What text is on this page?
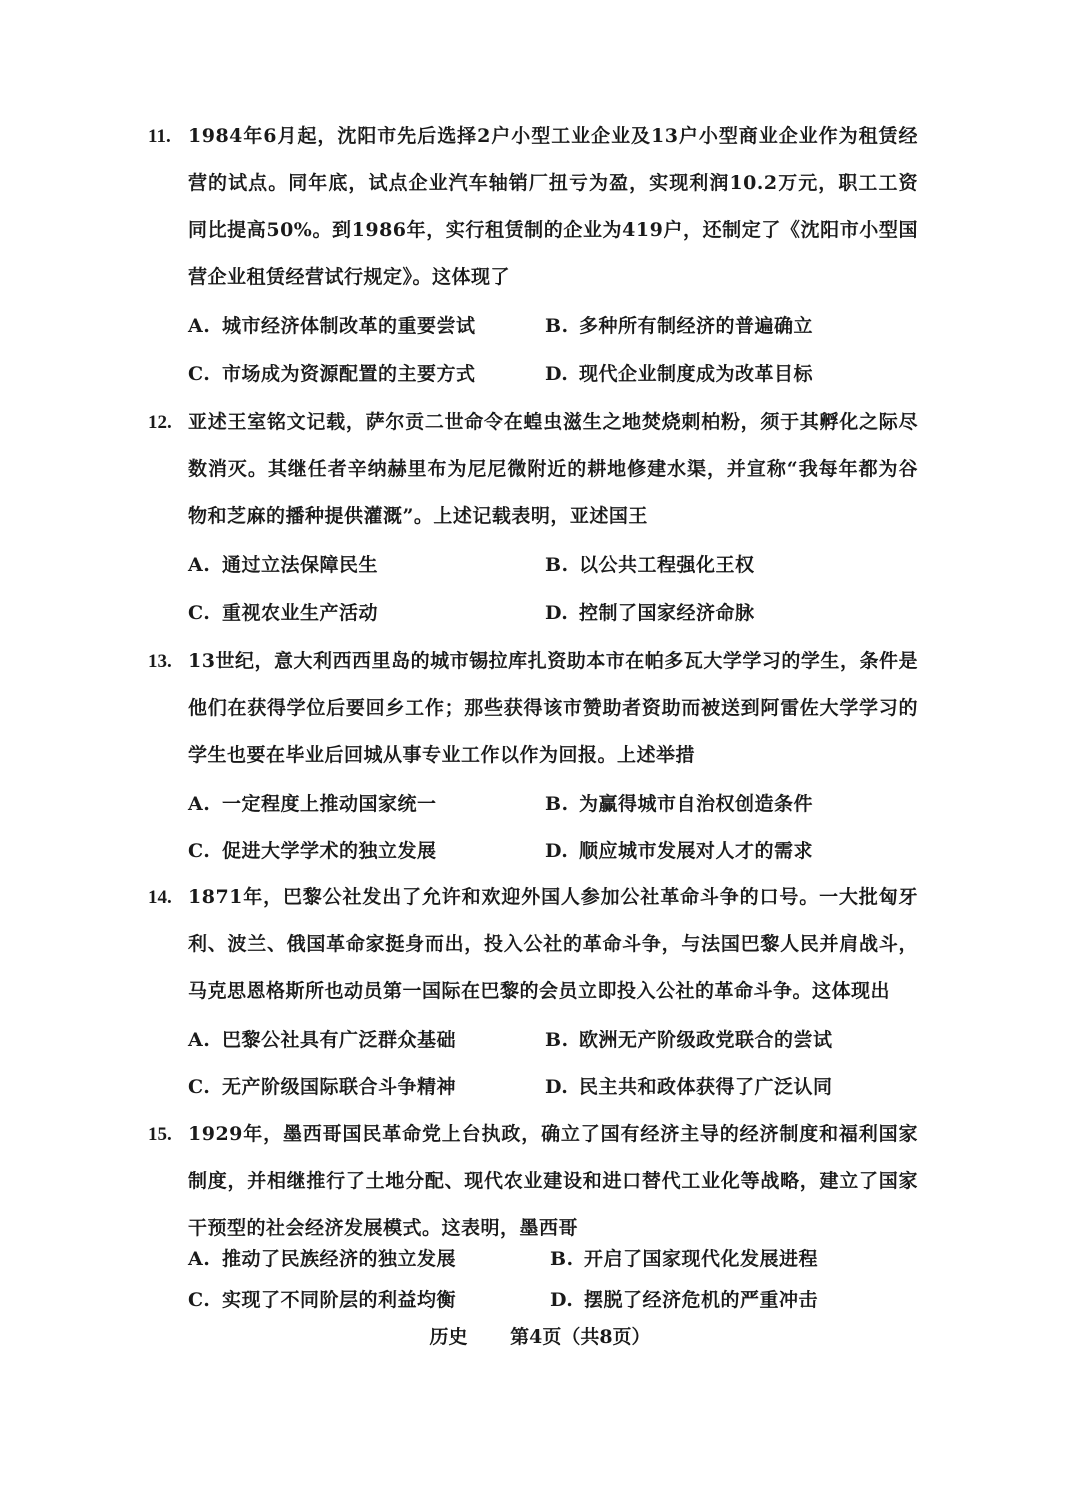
11. 1984年6月起，沈阳市先后选择2户小型工业企业及13户小型商业企业作为租赁经营的试点。同年底，试点企业汽车轴销厂扭亏为盈，实现利润10.2万元，职工工资同比提高50%。到1986年，实行租赁制的企业为419户，还制定了《沈阳市小型国营企业租赁经营试行规定》。这体现了
A. 城市经济体制改革的重要尝试	B. 多种所有制经济的普遍确立
C. 市场成为资源配置的主要方式	D. 现代企业制度成为改革目标
12. 亚述王室铭文记载，萨尔贡二世命令在蝗虫滋生之地焚烧刺柏粉，须于其孵化之际尽数消灭。其继任者辛纳赫里布为尼尼微附近的耕地修建水渠，并宣称“我每年都为谷物和芝麻的播种提供灌溉”。上述记载表明，亚述国王
A. 通过立法保障民生	B. 以公共工程强化王权
C. 重视农业生产活动	D. 控制了国家经济命脉
13. 13世纪，意大利西西里岛的城市锡拉库扎资助本市在帕多瓦大学学习的学生，条件是他们在获得学位后要回乡工作；那些获得该市赞助者资助而被送到阿雷佐大学学习的学生也要在毕业后回城从事专业工作以作为回报。上述举措
A. 一定程度上推动国家统一	B. 为赢得城市自治权创造条件
C. 促进大学学术的独立发展	D. 顺应城市发展对人才的需求
14. 1871年，巴黎公社发出了允许和欢迎外国人参加公社革命斗争的口号。一大批匈牙利、波兰、俄国革命家挺身而出，投入公社的革命斗争，与法国巴黎人民并肩战斗，马克思恩格斯所也动员第一国际在巴黎的会员立即投入公社的革命斗争。这体现出
A. 巴黎公社具有广泛群众基础	B. 欧洲无产阶级政党联合的尝试
C. 无产阶级国际联合斗争精神	D. 民主共和政体获得了广泛认同
15. 1929年，墨西哥国民革命党上台执政，确立了国有经济主导的经济制度和福利国家制度，并相继推行了土地分配、现代农业建设和进口替代工业化等战略，建立了国家干预型的社会经济发展模式。这表明，墨西哥
A. 推动了民族经济的独立发展	B. 开启了国家现代化发展进程
C. 实现了不同阶层的利益均衡	D. 摆脱了经济危机的严重冲击
历史 第4页（共8页）
